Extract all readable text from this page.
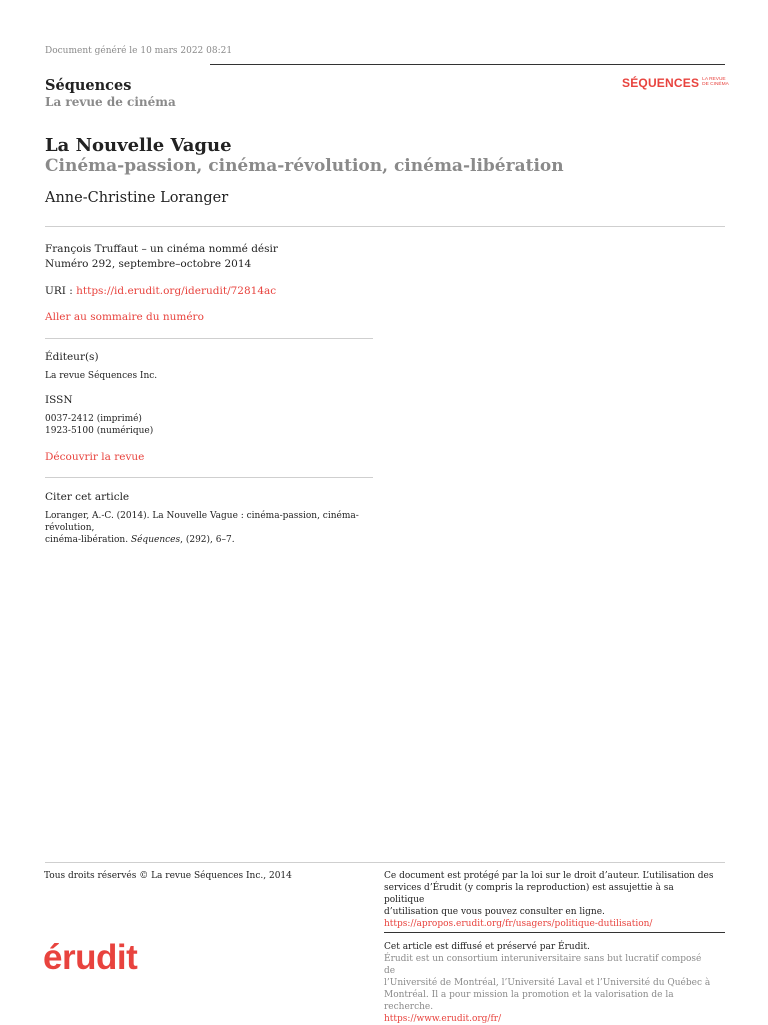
Document généré le 10 mars 2022 08:21
Séquences
La revue de cinéma
$^{SÉQUENCES}$ LA REVUE
DE CINÉMA
La Nouvelle Vague
Cinéma-passion, cinéma-révolution, cinéma-libération
Anne-Christine Loranger
François Truffaut – un cinéma nommé désir
Numéro 292, septembre–octobre 2014
URI : https://id.erudit.org/iderudit/72814ac
Aller au sommaire du numéro
Éditeur(s)
La revue Séquences Inc.
ISSN
0037-2412 (imprimé)
1923-5100 (numérique)
Découvrir la revue
Citer cet article
Loranger, A.-C. (2014). La Nouvelle Vague : cinéma-passion, cinéma-révolution,
cinéma-libération. Séquences, (292), 6–7.
Tous droits réservés © La revue Séquences Inc., 2014	Ce document est protégé par la loi sur le droit d’auteur. L’utilisation des
services d’Érudit (y compris la reproduction) est assujettie à sa politique
d’utilisation que vous pouvez consulter en ligne.
https://apropos.erudit.org/fr/usagers/politique-dutilisation/
érudit	Cet article est diffusé et préservé par Érudit.
Érudit est un consortium interuniversitaire sans but lucratif composé de
l’Université de Montréal, l’Université Laval et l’Université du Québec à
Montréal. Il a pour mission la promotion et la valorisation de la recherche.
https://www.erudit.org/fr/
